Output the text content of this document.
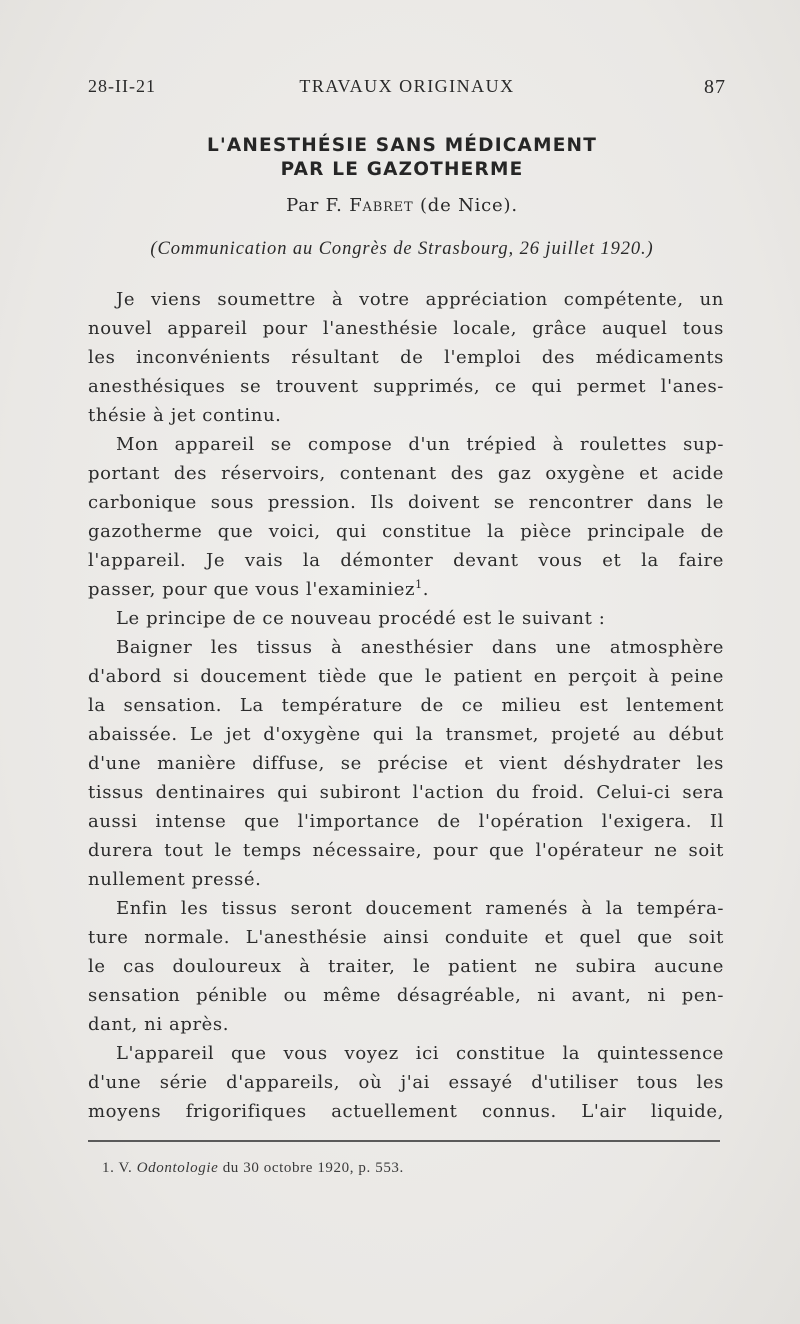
28-II-21	TRAVAUX ORIGINAUX	87
L'ANESTHÉSIE SANS MÉDICAMENT
PAR LE GAZOTHERME
Par F. Fabret (de Nice).
(Communication au Congrès de Strasbourg, 26 juillet 1920.)
Je viens soumettre à votre appréciation compétente, un
nouvel appareil pour l'anesthésie locale, grâce auquel tous
les inconvénients résultant de l'emploi des médicaments
anesthésiques se trouvent supprimés, ce qui permet l'anes-
thésie à jet continu.
Mon appareil se compose d'un trépied à roulettes sup-
portant des réservoirs, contenant des gaz oxygène et acide
carbonique sous pression. Ils doivent se rencontrer dans le
gazotherme que voici, qui constitue la pièce principale de
l'appareil. Je vais la démonter devant vous et la faire
passer, pour que vous l'examiniez$^1$.
Le principe de ce nouveau procédé est le suivant :
Baigner les tissus à anesthésier dans une atmosphère
d'abord si doucement tiède que le patient en perçoit à peine
la sensation. La température de ce milieu est lentement
abaissée. Le jet d'oxygène qui la transmet, projeté au début
d'une manière diffuse, se précise et vient déshydrater les
tissus dentinaires qui subiront l'action du froid. Celui-ci sera
aussi intense que l'importance de l'opération l'exigera. Il
durera tout le temps nécessaire, pour que l'opérateur ne soit
nullement pressé.
Enfin les tissus seront doucement ramenés à la tempéra-
ture normale. L'anesthésie ainsi conduite et quel que soit
le cas douloureux à traiter, le patient ne subira aucune
sensation pénible ou même désagréable, ni avant, ni pen-
dant, ni après.
L'appareil que vous voyez ici constitue la quintessence
d'une série d'appareils, où j'ai essayé d'utiliser tous les
moyens frigorifiques actuellement connus. L'air liquide,
1. V. Odontologie du 30 octobre 1920, p. 553.
